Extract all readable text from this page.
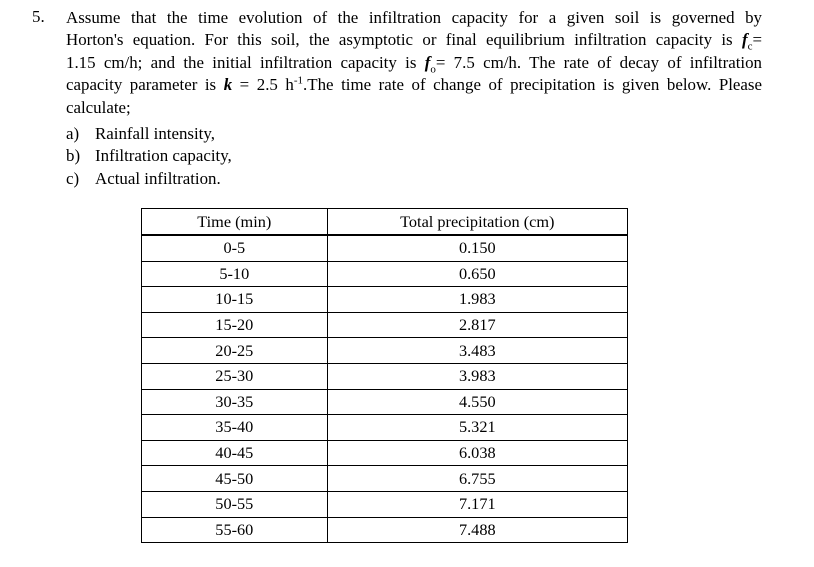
5. Assume that the time evolution of the infiltration capacity for a given soil is governed by
Horton's equation. For this soil, the asymptotic or final equilibrium infiltration capacity is $f_c=$
1.15 cm/h; and the initial infiltration capacity is $f_o= 7.5$ cm/h. The rate of decay of infiltration
capacity parameter is k = 2.5 $h^{-1}.The$ time rate of change of precipitation is given below. Please
calculate;
a) Rainfall intensity,
b) Infiltration capacity,
c) Actual infiltration.
Time (min)	Total precipitation (cm)
0-5	0.150
5-10	0.650
10-15	1.983
15-20	2.817
20-25	3.483
25-30	3.983
30-35	4.550
35-40	5.321
40-45	6.038
45-50	6.755
50-55	7.171
55-60	7.488
